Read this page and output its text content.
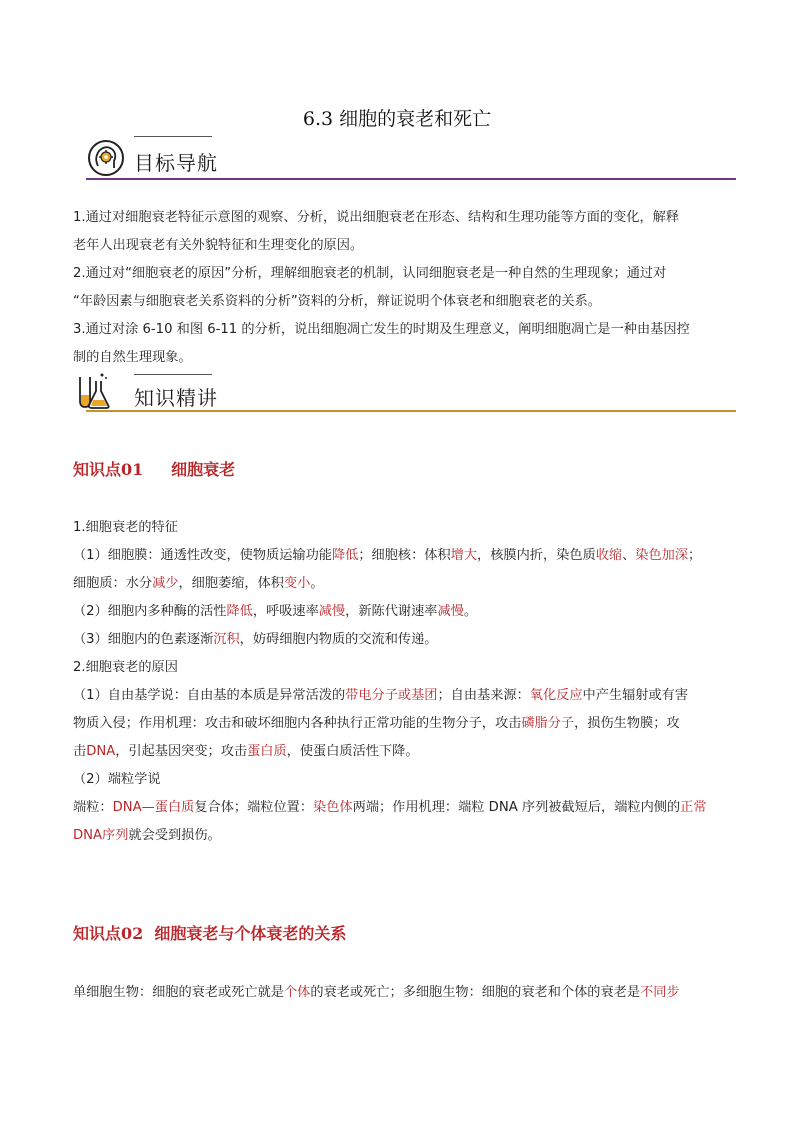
6.3 细胞的衰老和死亡
目标导航

1.通过对细胞衰老特征示意图的观察、分析，说出细胞衰老在形态、结构和生理功能等方面的变化，解释

老年人出现衰老有关外貌特征和生理变化的原因。

2.通过对“细胞衰老的原因”分析，理解细胞衰老的机制，认同细胞衰老是一种自然的生理现象；通过对

“年龄因素与细胞衰老关系资料的分析”资料的分析，辩证说明个体衰老和细胞衰老的关系。

3.通过对涂 6-10 和图 6-11 的分析，说出细胞凋亡发生的时期及生理意义，阐明细胞凋亡是一种由基因控

制的自然生理现象。

知识精讲
知识点01 细胞衰老

1.细胞衰老的特征

（1）细胞膜：通透性改变，使物质运输功能降低；细胞核：体积增大，核膜内折，染色质收缩、染色加深；

细胞质：水分减少，细胞萎缩，体积变小。

（2）细胞内多种酶的活性降低，呼吸速率减慢，新陈代谢速率减慢。

（3）细胞内的色素逐渐沉积，妨碍细胞内物质的交流和传递。

2.细胞衰老的原因

（1）自由基学说：自由基的本质是异常活泼的带电分子或基团；自由基来源：氧化反应中产生辐射或有害

物质入侵；作用机理：攻击和破坏细胞内各种执行正常功能的生物分子，攻击磷脂分子，损伤生物膜；攻

击DNA，引起基因突变；攻击蛋白质，使蛋白质活性下降。

（2）端粒学说

端粒：DNA—蛋白质复合体；端粒位置：染色体两端；作用机理：端粒 DNA 序列被截短后，端粒内侧的正常

DNA序列就会受到损伤。

知识点02 细胞衰老与个体衰老的关系

单细胞生物：细胞的衰老或死亡就是个体的衰老或死亡；多细胞生物：细胞的衰老和个体的衰老是不同步
